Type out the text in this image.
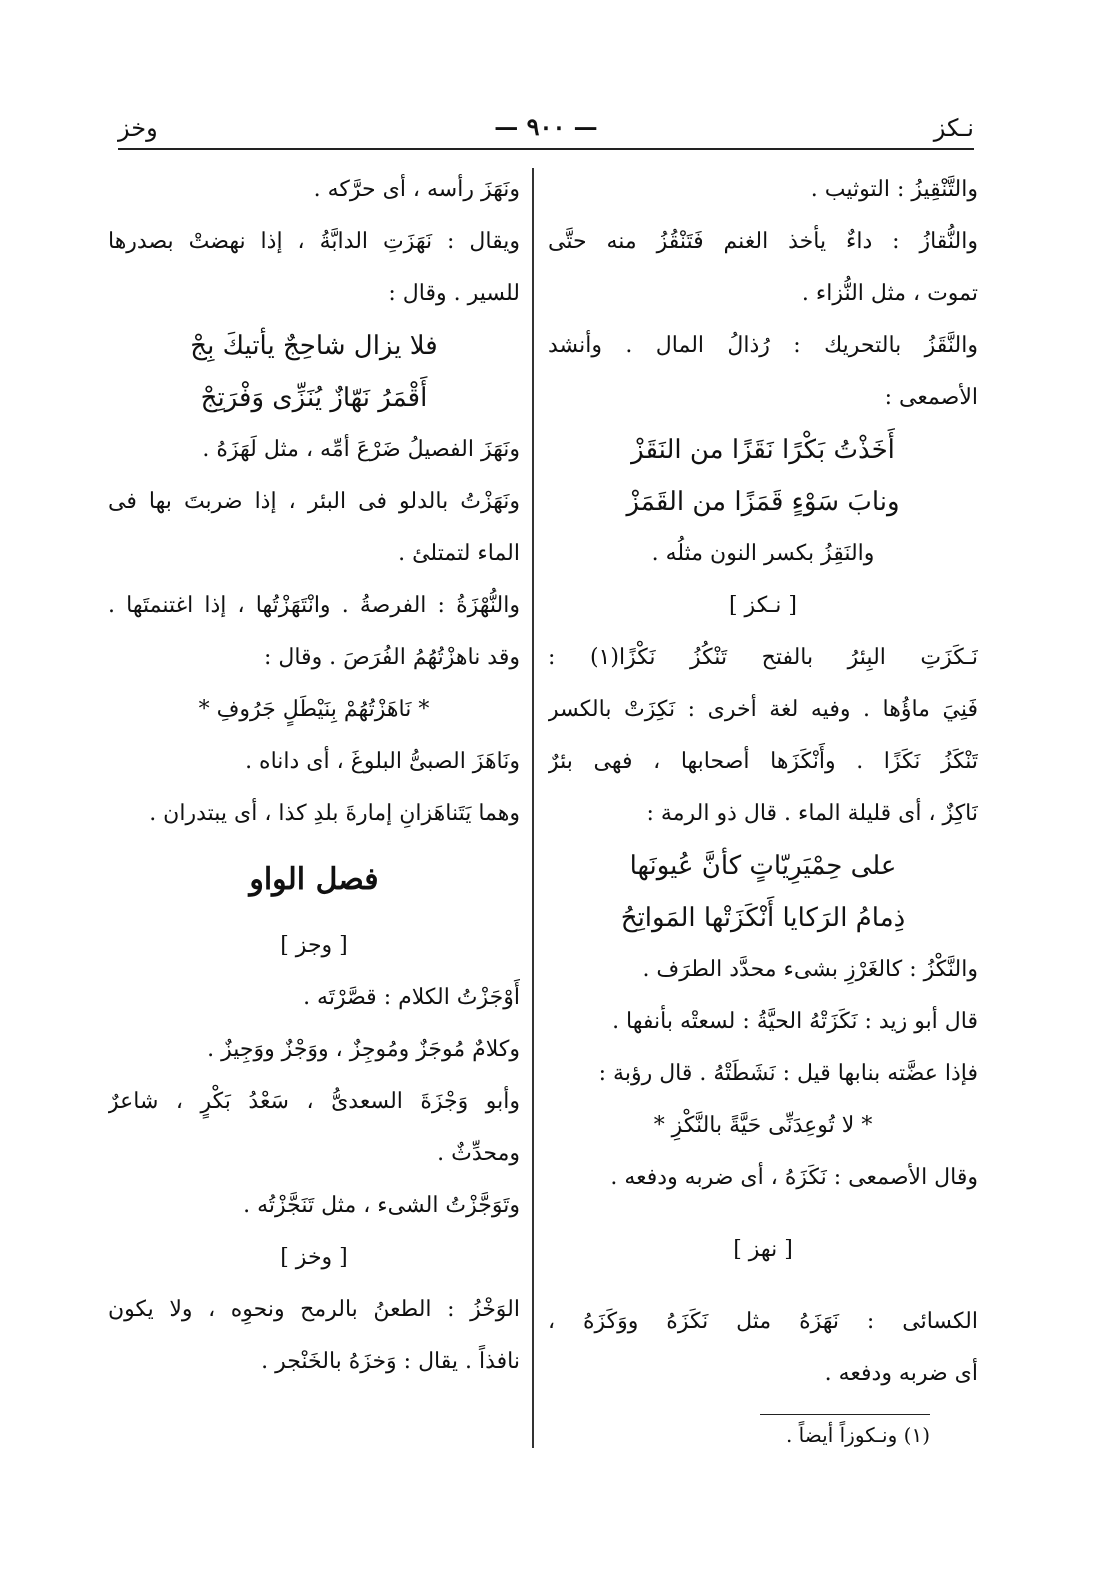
وخز	— ٩٠٠ —	نـكز
والتَّنْقِيزُ : التوثيب .
والنُّقازُ : داءٌ يأخذ الغنم فَتَنْقُزُ منه حتَّى
تموت ، مثل النُّزاء .
والنَّقَزُ بالتحريك : رُذالُ المال . وأنشد
الأصمعى :
أَخَذْتُ بَكْرًا نَقَزًا من النَقَزْ
ونابَ سَوْءٍ قَمَزًا من القَمَزْ
والنَقِزُ بكسر النون مثلُه .
[ نـكز ]
نَـكَزَتِ البِئرُ بالفتح تَنْكُزُ نَكْزًا(١) :
فَنِيَ ماؤُها . وفيه لغة أخرى : نَكِزَتْ بالكسر
تَنْكَزُ نَكَزًا . وأَنْكَزَها أصحابها ، فهى بئرٌ
نَاكِزٌ ، أى قليلة الماء . قال ذو الرمة :
على حِمْيَرِيّاتٍ كأنَّ عُيونَها
ذِمامُ الرَكايا أَنْكَزَتْها المَواتِحُ
والنَّكْزُ : كالغَرْزِ بشىء محدَّد الطرَف .
قال أبو زيد : نَكَزَتْهُ الحيَّةُ : لسعتْه بأنفها .
فإذا عضَّته بنابها قيل : نَشَطَتْهُ . قال رؤبة :
* لا تُوعِدَنِّى حَيَّةً بالنَّكْزِ *
وقال الأصمعى : نَكَزَهُ ، أى ضربه ودفعه .
[ نهز ]
الكسائى : نَهَزَهُ مثل نَكَزَهُ ووَكَزَهُ ،
أى ضربه ودفعه .
(١) ونـكوزاً أيضاً .
ونَهَزَ رأسه ، أى حرَّكه .
ويقال : نَهَزَتِ الدابَّةُ ، إذا نهضتْ بصدرها
للسير . وقال :
فلا يزال شاحِجٌ يأتيكَ بِجْ
أَقْمَرُ نَهّازٌ يُنَزِّى وَفْرَتِجْ
ونَهَزَ الفصيلُ ضَرْعَ أمِّه ، مثل لَهَزَهُ .
ونَهَزْتُ بالدلو فى البئر ، إذا ضربتَ بها فى
الماء لتمتلئ .
والنُّهْزَةُ : الفرصةُ . وانْتَهَزْتُها ، إذا اغتنمتَها .
وقد ناهزْتُهُمُ الفُرَصَ . وقال :
* نَاهَزْتُهُمْ بِنَيْطَلٍ جَرُوفِ *
ونَاهَزَ الصبىُّ البلوغَ ، أى داناه .
وهما يَتَناهَزانِ إمارةَ بلدِ كذا ، أى يبتدران .
فصل الواو
[ وجز ]
أَوْجَزْتُ الكلام : قصَّرْتَه .
وكلامٌ مُوجَزٌ ومُوجِزٌ ، ووَجْزٌ ووَجِيزٌ .
وأبو وَجْزَةَ السعدىُّ ، سَعْدُ بَكْرٍ ، شاعرٌ
ومحدِّثٌ .
وتَوَجَّزْتُ الشىء ، مثل تَنَجَّزْتُه .
[ وخز ]
الوَخْزُ : الطعنُ بالرمح ونحوِه ، ولا يكون
نافذاً . يقال : وَخزَهُ بالخَنْجر .
